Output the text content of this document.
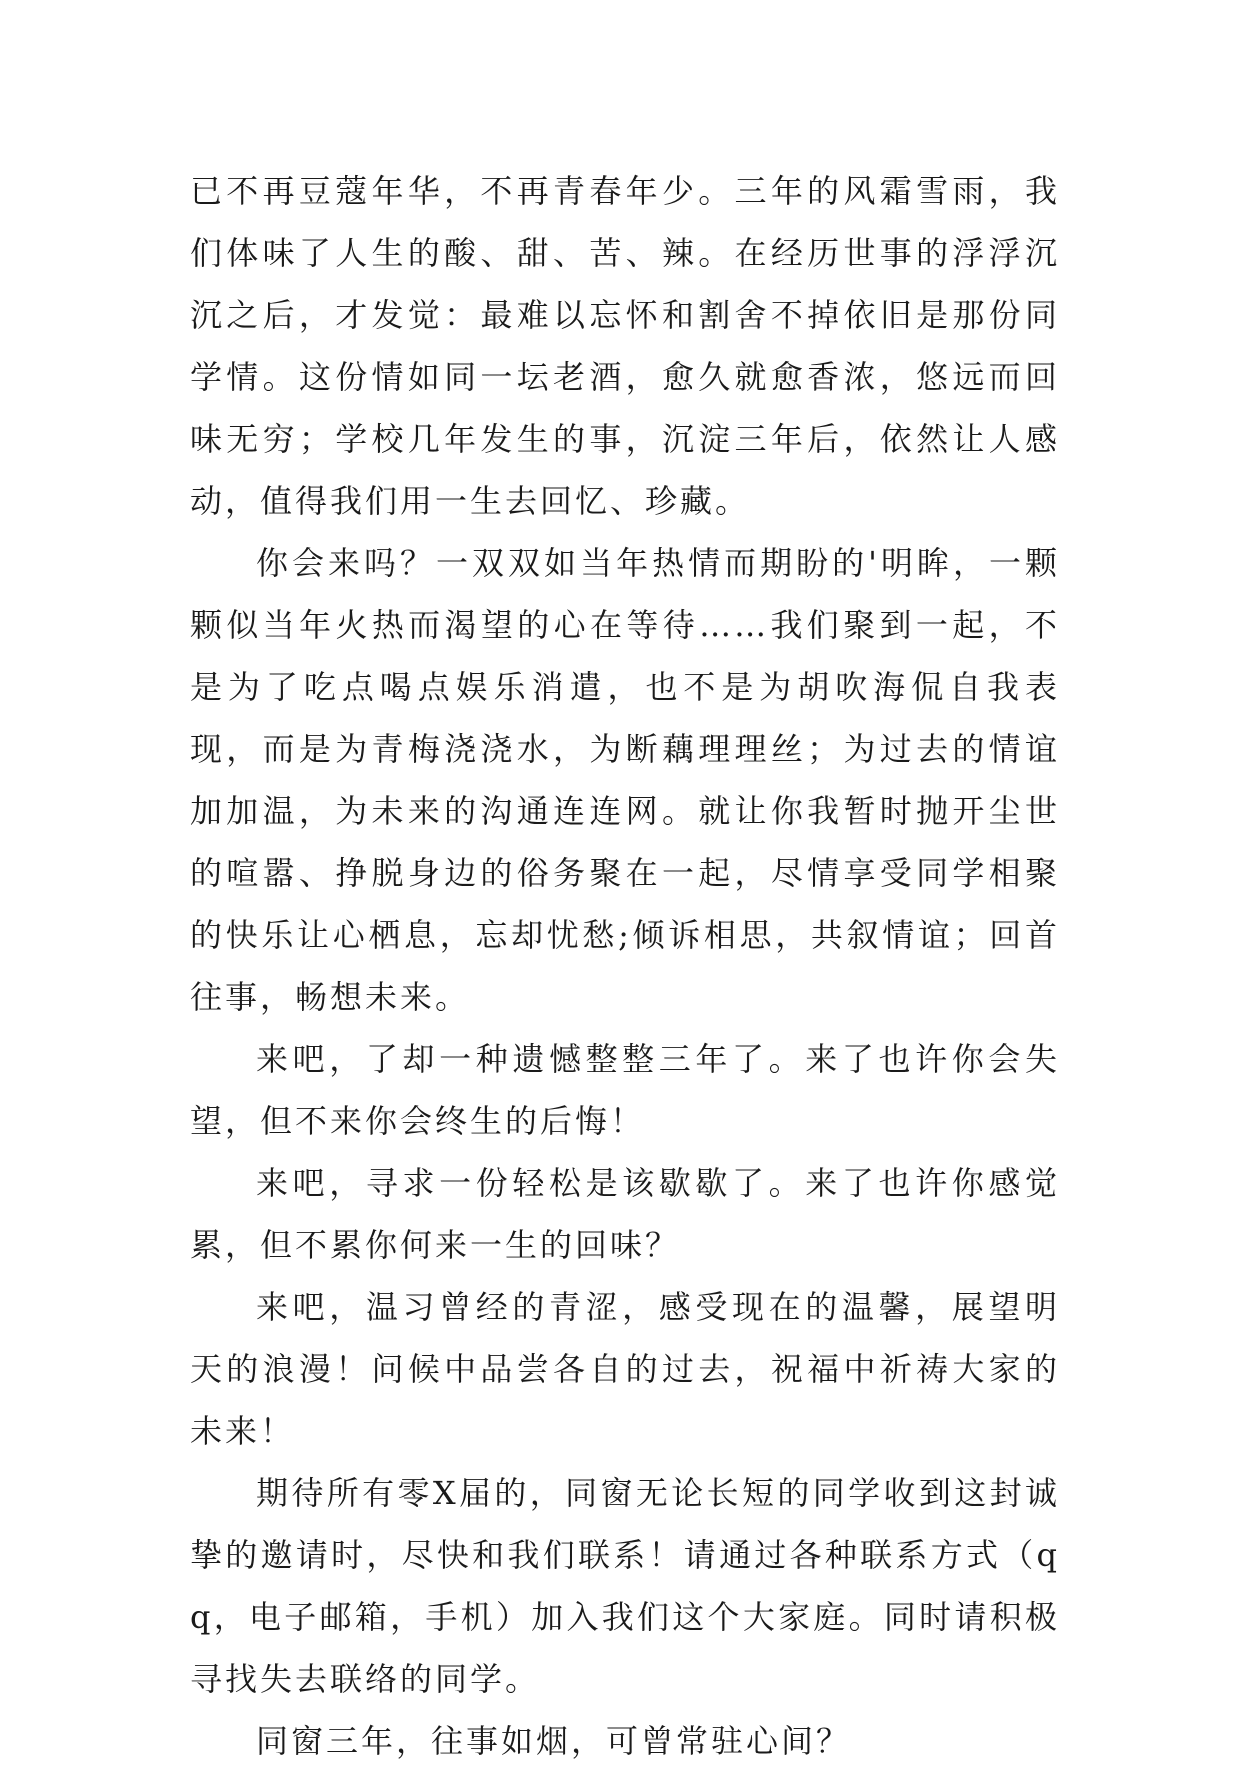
已不再豆蔻年华，不再青春年少。三年的风霜雪雨，我们体味了人生的酸、甜、苦、辣。在经历世事的浮浮沉沉之后，才发觉：最难以忘怀和割舍不掉依旧是那份同学情。这份情如同一坛老酒，愈久就愈香浓，悠远而回味无穷；学校几年发生的事，沉淀三年后，依然让人感动，值得我们用一生去回忆、珍藏。

你会来吗？一双双如当年热情而期盼的'明眸，一颗颗似当年火热而渴望的心在等待……我们聚到一起，不是为了吃点喝点娱乐消遣，也不是为胡吹海侃自我表现，而是为青梅浇浇水，为断藕理理丝；为过去的情谊加加温，为未来的沟通连连网。就让你我暂时抛开尘世的喧嚣、挣脱身边的俗务聚在一起，尽情享受同学相聚的快乐让心栖息，忘却忧愁;倾诉相思，共叙情谊；回首往事，畅想未来。

来吧，了却一种遗憾整整三年了。来了也许你会失望，但不来你会终生的后悔！

来吧，寻求一份轻松是该歇歇了。来了也许你感觉累，但不累你何来一生的回味？

来吧，温习曾经的青涩，感受现在的温馨，展望明天的浪漫！问候中品尝各自的过去，祝福中祈祷大家的未来！

期待所有零X届的，同窗无论长短的同学收到这封诚挚的邀请时，尽快和我们联系！请通过各种联系方式（qq，电子邮箱，手机）加入我们这个大家庭。同时请积极寻找失去联络的同学。

同窗三年，往事如烟，可曾常驻心间？
